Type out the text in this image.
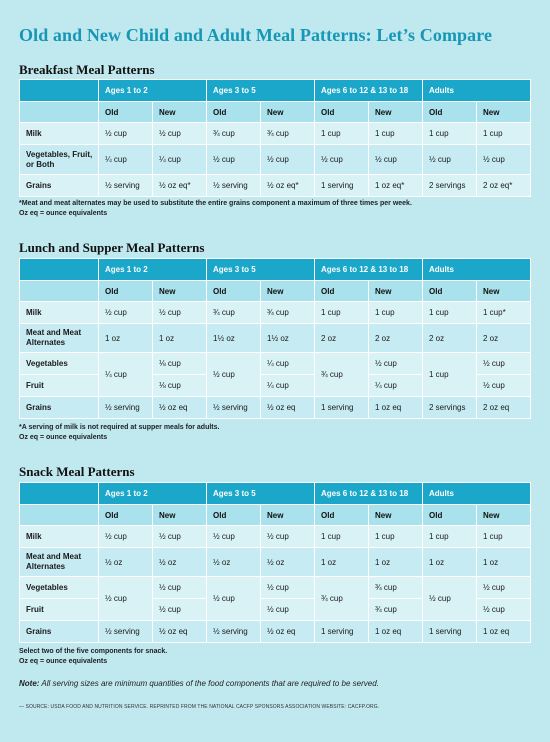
Old and New Child and Adult Meal Patterns: Let’s Compare
Breakfast Meal Patterns
	Ages 1 to 2		Ages 3 to 5		Ages 6 to 12 & 13 to 18		Adults	
	Old	New	Old	New	Old	New	Old	New
Milk	½ cup	½ cup	¾ cup	¾ cup	1 cup	1 cup	1 cup	1 cup
Vegetables, Fruit, or Both	¼ cup	¼ cup	½ cup	½ cup	½ cup	½ cup	½ cup	½ cup
Grains	½ serving	½ oz eq*	½ serving	½ oz eq*	1 serving	1 oz eq*	2 servings	2 oz eq*
*Meat and meat alternates may be used to substitute the entire grains component a maximum of three times per week.
Oz eq = ounce equivalents
Lunch and Supper Meal Patterns
	Ages 1 to 2		Ages 3 to 5		Ages 6 to 12 & 13 to 18		Adults	
	Old	New	Old	New	Old	New	Old	New
Milk	½ cup	½ cup	¾ cup	¾ cup	1 cup	1 cup	1 cup	1 cup*
Meat and Meat Alternates	1 oz	1 oz	1½ oz	1½ oz	2 oz	2 oz	2 oz	2 oz
Vegetables	¼ cup	⅛ cup	½ cup	¼ cup	¾ cup	½ cup	1 cup	½ cup
Fruit		⅛ cup		¼ cup		¼ cup		½ cup
Grains	½ serving	½ oz eq	½ serving	½ oz eq	1 serving	1 oz eq	2 servings	2 oz eq
*A serving of milk is not required at supper meals for adults.
Oz eq = ounce equivalents
Snack Meal Patterns
	Ages 1 to 2		Ages 3 to 5		Ages 6 to 12 & 13 to 18		Adults	
	Old	New	Old	New	Old	New	Old	New
Milk	½ cup	½ cup	½ cup	½ cup	1 cup	1 cup	1 cup	1 cup
Meat and Meat Alternates	½ oz	½ oz	½ oz	½ oz	1 oz	1 oz	1 oz	1 oz
Vegetables	½ cup	½ cup	½ cup	½ cup	¾ cup	¾ cup	½ cup	½ cup
Fruit		½ cup		½ cup		¾ cup		½ cup
Grains	½ serving	½ oz eq	½ serving	½ oz eq	1 serving	1 oz eq	1 serving	1 oz eq
Select two of the five components for snack.
Oz eq = ounce equivalents
Note: All serving sizes are minimum quantities of the food components that are required to be served.
— SOURCE: USDA FOOD AND NUTRITION SERVICE. REPRINTED FROM THE NATIONAL CACFP SPONSORS ASSOCIATION WEBSITE: CACFP.ORG.
